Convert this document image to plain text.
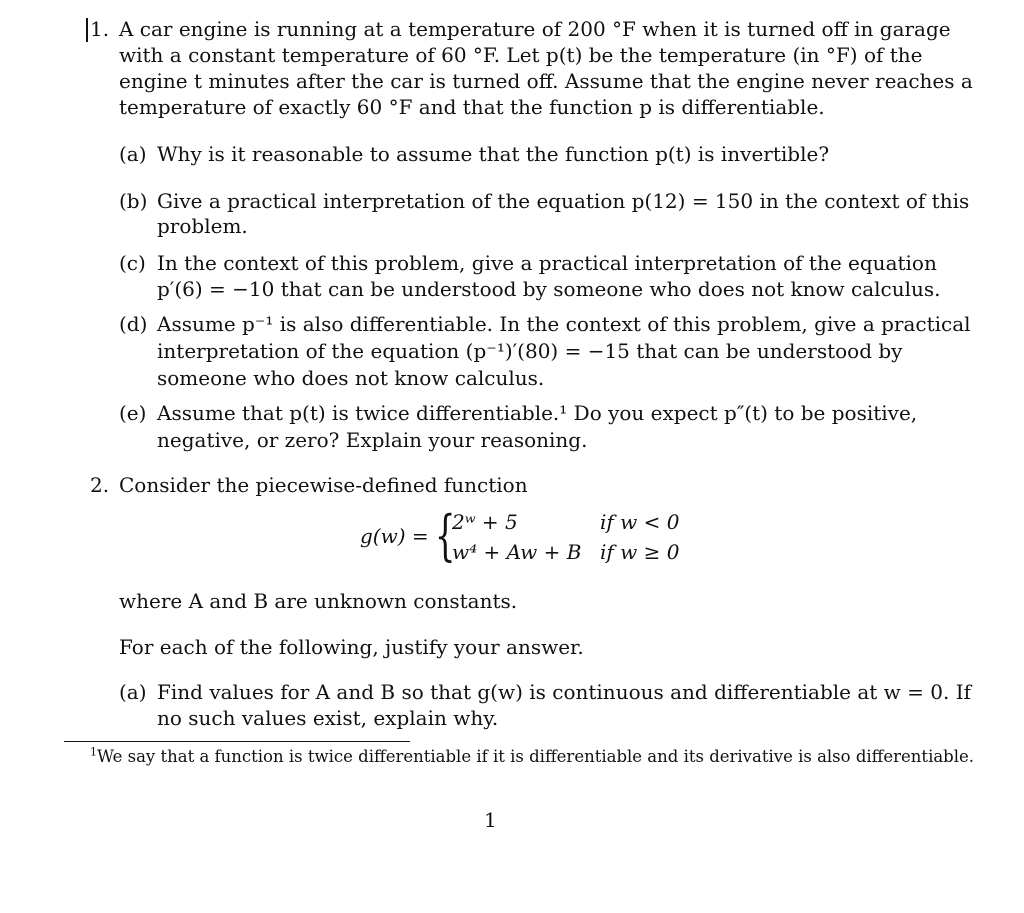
1. A car engine is running at a temperature of 200 °F when it is turned off in garage
with a constant temperature of 60 °F. Let p(t) be the temperature (in °F) of the
engine t minutes after the car is turned off. Assume that the engine never reaches a
temperature of exactly 60 °F and that the function p is differentiable.
(a) Why is it reasonable to assume that the function p(t) is invertible?
(b) Give a practical interpretation of the equation p(12) = 150 in the context of this
problem.
(c) In the context of this problem, give a practical interpretation of the equation
p′(6) = −10 that can be understood by someone who does not know calculus.
(d) Assume p⁻¹ is also differentiable. In the context of this problem, give a practical
interpretation of the equation (p⁻¹)′(80) = −15 that can be understood by
someone who does not know calculus.
(e) Assume that p(t) is twice differentiable.¹ Do you expect p″(t) to be positive,
negative, or zero? Explain your reasoning.
2. Consider the piecewise-defined function
g(w) = {
2ʷ + 5	if w < 0
w⁴ + Aw + B if w ≥ 0
where A and B are unknown constants.
For each of the following, justify your answer.
(a) Find values for A and B so that g(w) is continuous and differentiable at w = 0. If
no such values exist, explain why.
$^1$We say that a function is twice differentiable if it is differentiable and its derivative is also differentiable.
1
